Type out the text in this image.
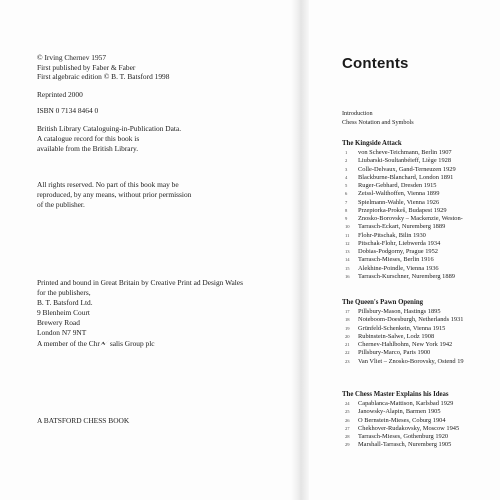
© Irving Chernev 1957
First published by Faber & Faber
First algebraic edition © B. T. Batsford 1998
Reprinted 2000
ISBN 0 7134 8464 0
British Library Cataloguing-in-Publication Data.
A catalogue record for this book is
available from the British Library.
All rights reserved. No part of this book may be
reproduced, by any means, without prior permission
of the publisher.
Printed and bound in Great Britain by Creative Print ad Design Wales
for the publishers,
B. T. Batsford Ltd.
9 Blenheim Court
Brewery Road
London N7 9NT
A member of the Chr salis Group plc
A BATSFORD CHESS BOOK
Contents
Introduction
Chess Notation and Symbols
The Kingside Attack
1	von Scheve-Teichmann, Berlin 1907
2	Liubarski-Soultanbéieff, Liège 1928
3	Colle-Delvaux, Gand-Terneuzen 1929
4	Blackburne-Blanchard, London 1891
5	Ruger-Gebhard, Dresden 1915
6	Zeissl-Walthoffen, Vienna 1899
7	Spielmann-Wahle, Vienna 1926
8	Przepiorka-Prokeš, Budapest 1929
9	Znosko-Borovsky – Mackenzie, Weston-
10	Tarrasch-Eckart, Nuremberg 1889
11	Flohr-Pitschak, Bilin 1930
12	Pitschak-Flohr, Liebwerda 1934
13	Dobias-Podgorny, Prague 1952
14	Tarrasch-Mieses, Berlin 1916
15	Alekhine-Poindle, Vienna 1936
16	Tarrasch-Kurschner, Nuremberg 1889
The Queen's Pawn Opening
17	Pillsbury-Mason, Hastings 1895
18	Noteboom-Doesburgh, Netherlands 1931
19	Grünfeld-Schenkein, Vienna 1915
20	Rubinstein-Salwe, Lodz 1908
21	Chernev-Hahlbohm, New York 1942
22	Pillsbury-Marco, Paris 1900
23	Van Vliet – Znosko-Borovsky, Ostend 19
The Chess Master Explains his Ideas
24	Capablanca-Mattison, Karlsbad 1929
25	Janowsky-Alapin, Barmen 1905
26	O Bernstein-Mieses, Coburg 1904
27	Chekhover-Rudakovsky, Moscow 1945
28	Tarrasch-Mieses, Gothenburg 1920
29	Marshall-Tarrasch, Nuremberg 1905
